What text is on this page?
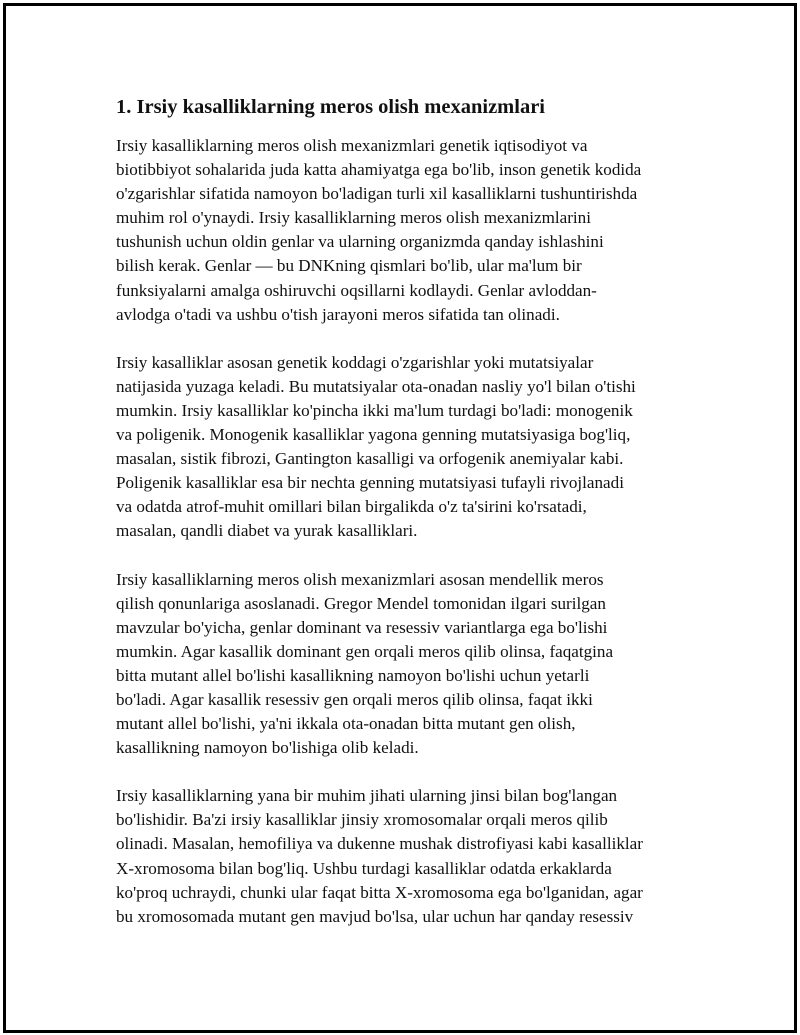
1. Irsiy kasalliklarning meros olish mexanizmlari

Irsiy kasalliklarning meros olish mexanizmlari genetik iqtisodiyot va
biotibbiyot sohalarida juda katta ahamiyatga ega bo'lib, inson genetik kodida
o'zgarishlar sifatida namoyon bo'ladigan turli xil kasalliklarni tushuntirishda
muhim rol o'ynaydi. Irsiy kasalliklarning meros olish mexanizmlarini
tushunish uchun oldin genlar va ularning organizmda qanday ishlashini
bilish kerak. Genlar — bu DNKning qismlari bo'lib, ular ma'lum bir
funksiyalarni amalga oshiruvchi oqsillarni kodlaydi. Genlar avloddan-
avlodga o'tadi va ushbu o'tish jarayoni meros sifatida tan olinadi.

Irsiy kasalliklar asosan genetik koddagi o'zgarishlar yoki mutatsiyalar
natijasida yuzaga keladi. Bu mutatsiyalar ota-onadan nasliy yo'l bilan o'tishi
mumkin. Irsiy kasalliklar ko'pincha ikki ma'lum turdagi bo'ladi: monogenik
va poligenik. Monogenik kasalliklar yagona genning mutatsiyasiga bog'liq,
masalan, sistik fibrozi, Gantington kasalligi va orfogenik anemiyalar kabi.
Poligenik kasalliklar esa bir nechta genning mutatsiyasi tufayli rivojlanadi
va odatda atrof-muhit omillari bilan birgalikda o'z ta'sirini ko'rsatadi,
masalan, qandli diabet va yurak kasalliklari.

Irsiy kasalliklarning meros olish mexanizmlari asosan mendellik meros
qilish qonunlariga asoslanadi. Gregor Mendel tomonidan ilgari surilgan
mavzular bo'yicha, genlar dominant va resessiv variantlarga ega bo'lishi
mumkin. Agar kasallik dominant gen orqali meros qilib olinsa, faqatgina
bitta mutant allel bo'lishi kasallikning namoyon bo'lishi uchun yetarli
bo'ladi. Agar kasallik resessiv gen orqali meros qilib olinsa, faqat ikki
mutant allel bo'lishi, ya'ni ikkala ota-onadan bitta mutant gen olish,
kasallikning namoyon bo'lishiga olib keladi.

Irsiy kasalliklarning yana bir muhim jihati ularning jinsi bilan bog'langan
bo'lishidir. Ba'zi irsiy kasalliklar jinsiy xromosomalar orqali meros qilib
olinadi. Masalan, hemofiliya va dukenne mushak distrofiyasi kabi kasalliklar
X-xromosoma bilan bog'liq. Ushbu turdagi kasalliklar odatda erkaklarda
ko'proq uchraydi, chunki ular faqat bitta X-xromosoma ega bo'lganidan, agar
bu xromosomada mutant gen mavjud bo'lsa, ular uchun har qanday resessiv
